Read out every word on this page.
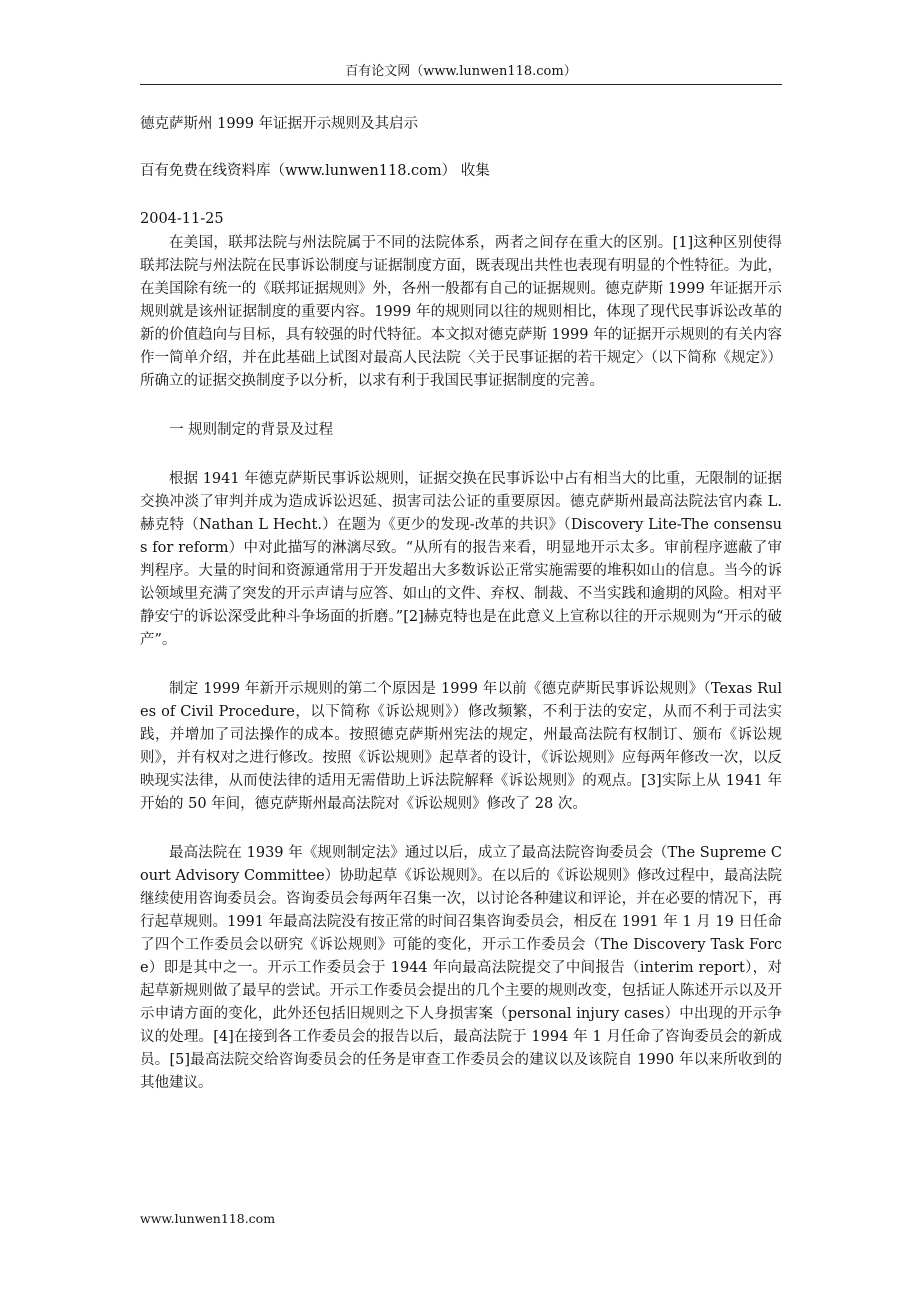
百有论文网（www.lunwen118.com）
德克萨斯州 1999 年证据开示规则及其启示
百有免费在线资料库（www.lunwen118.com） 收集
2004-11-25

在美国，联邦法院与州法院属于不同的法院体系，两者之间存在重大的区别。[1]这种区别使得联邦法院与州法院在民事诉讼制度与证据制度方面，既表现出共性也表现有明显的个性特征。为此，在美国除有统一的《联邦证据规则》外，各州一般都有自己的证据规则。德克萨斯 1999 年证据开示规则就是该州证据制度的重要内容。1999 年的规则同以往的规则相比，体现了现代民事诉讼改革的新的价值趋向与目标，具有较强的时代特征。本文拟对德克萨斯 1999 年的证据开示规则的有关内容作一简单介绍，并在此基础上试图对最高人民法院〈关于民事证据的若干规定〉（以下简称《规定》）所确立的证据交换制度予以分析，以求有利于我国民事证据制度的完善。

一 规则制定的背景及过程

根据 1941 年德克萨斯民事诉讼规则，证据交换在民事诉讼中占有相当大的比重，无限制的证据交换冲淡了审判并成为造成诉讼迟延、损害司法公证的重要原因。德克萨斯州最高法院法官内森 L.赫克特（Nathan L Hecht.）在题为《更少的发现-改革的共识》（Discovery Lite-The consensus for reform）中对此描写的淋漓尽致。“从所有的报告来看，明显地开示太多。审前程序遮蔽了审判程序。大量的时间和资源通常用于开发超出大多数诉讼正常实施需要的堆积如山的信息。当今的诉讼领域里充满了突发的开示声请与应答、如山的文件、弃权、制裁、不当实践和逾期的风险。相对平静安宁的诉讼深受此种斗争场面的折磨。”[2]赫克特也是在此意义上宣称以往的开示规则为“开示的破产”。

制定 1999 年新开示规则的第二个原因是 1999 年以前《德克萨斯民事诉讼规则》（Texas Rules of Civil Procedure，以下简称《诉讼规则》）修改频繁，不利于法的安定，从而不利于司法实践，并增加了司法操作的成本。按照德克萨斯州宪法的规定，州最高法院有权制订、颁布《诉讼规则》，并有权对之进行修改。按照《诉讼规则》起草者的设计，《诉讼规则》应每两年修改一次，以反映现实法律，从而使法律的适用无需借助上诉法院解释《诉讼规则》的观点。[3]实际上从 1941 年开始的 50 年间，德克萨斯州最高法院对《诉讼规则》修改了 28 次。

最高法院在 1939 年《规则制定法》通过以后，成立了最高法院咨询委员会（The Supreme Court Advisory Committee）协助起草《诉讼规则》。在以后的《诉讼规则》修改过程中，最高法院继续使用咨询委员会。咨询委员会每两年召集一次，以讨论各种建议和评论，并在必要的情况下，再行起草规则。1991 年最高法院没有按正常的时间召集咨询委员会，相反在 1991 年 1 月 19 日任命了四个工作委员会以研究《诉讼规则》可能的变化，开示工作委员会（The Discovery Task Force）即是其中之一。开示工作委员会于 1944 年向最高法院提交了中间报告（interim report），对起草新规则做了最早的尝试。开示工作委员会提出的几个主要的规则改变，包括证人陈述开示以及开示申请方面的变化，此外还包括旧规则之下人身损害案（personal injury cases）中出现的开示争议的处理。[4]在接到各工作委员会的报告以后，最高法院于 1994 年 1 月任命了咨询委员会的新成员。[5]最高法院交给咨询委员会的任务是审查工作委员会的建议以及该院自 1990 年以来所收到的其他建议。

www.lunwen118.com
